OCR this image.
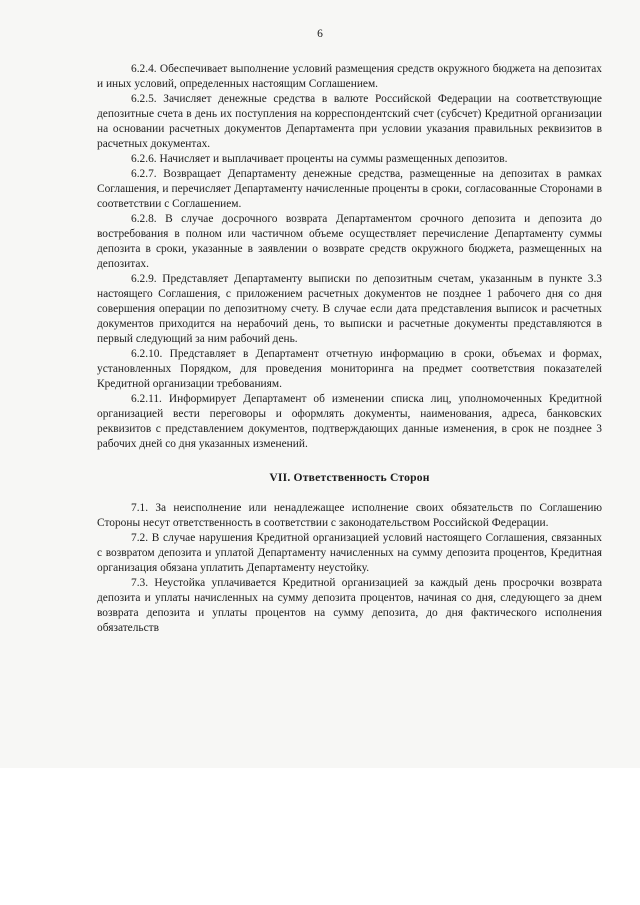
6

6.2.4. Обеспечивает выполнение условий размещения средств окружного бюджета на депозитах и иных условий, определенных настоящим Соглашением.

6.2.5. Зачисляет денежные средства в валюте Российской Федерации на соответствующие депозитные счета в день их поступления на корреспондентский счет (субсчет) Кредитной организации на основании расчетных документов Департамента при условии указания правильных реквизитов в расчетных документах.

6.2.6. Начисляет и выплачивает проценты на суммы размещенных депозитов.

6.2.7. Возвращает Департаменту денежные средства, размещенные на депозитах в рамках Соглашения, и перечисляет Департаменту начисленные проценты в сроки, согласованные Сторонами в соответствии с Соглашением.

6.2.8. В случае досрочного возврата Департаментом срочного депозита и депозита до востребования в полном или частичном объеме осуществляет перечисление Департаменту суммы депозита в сроки, указанные в заявлении о возврате средств окружного бюджета, размещенных на депозитах.

6.2.9. Представляет Департаменту выписки по депозитным счетам, указанным в пункте 3.3 настоящего Соглашения, с приложением расчетных документов не позднее 1 рабочего дня со дня совершения операции по депозитному счету. В случае если дата представления выписок и расчетных документов приходится на нерабочий день, то выписки и расчетные документы представляются в первый следующий за ним рабочий день.

6.2.10. Представляет в Департамент отчетную информацию в сроки, объемах и формах, установленных Порядком, для проведения мониторинга на предмет соответствия показателей Кредитной организации требованиям.

6.2.11. Информирует Департамент об изменении списка лиц, уполномоченных Кредитной организацией вести переговоры и оформлять документы, наименования, адреса, банковских реквизитов с представлением документов, подтверждающих данные изменения, в срок не позднее 3 рабочих дней со дня указанных изменений.

VII. Ответственность Сторон

7.1. За неисполнение или ненадлежащее исполнение своих обязательств по Соглашению Стороны несут ответственность в соответствии с законодательством Российской Федерации.

7.2. В случае нарушения Кредитной организацией условий настоящего Соглашения, связанных с возвратом депозита и уплатой Департаменту начисленных на сумму депозита процентов, Кредитная организация обязана уплатить Департаменту неустойку.

7.3. Неустойка уплачивается Кредитной организацией за каждый день просрочки возврата депозита и уплаты начисленных на сумму депозита процентов, начиная со дня, следующего за днем возврата депозита и уплаты процентов на сумму депозита, до дня фактического исполнения обязательств
